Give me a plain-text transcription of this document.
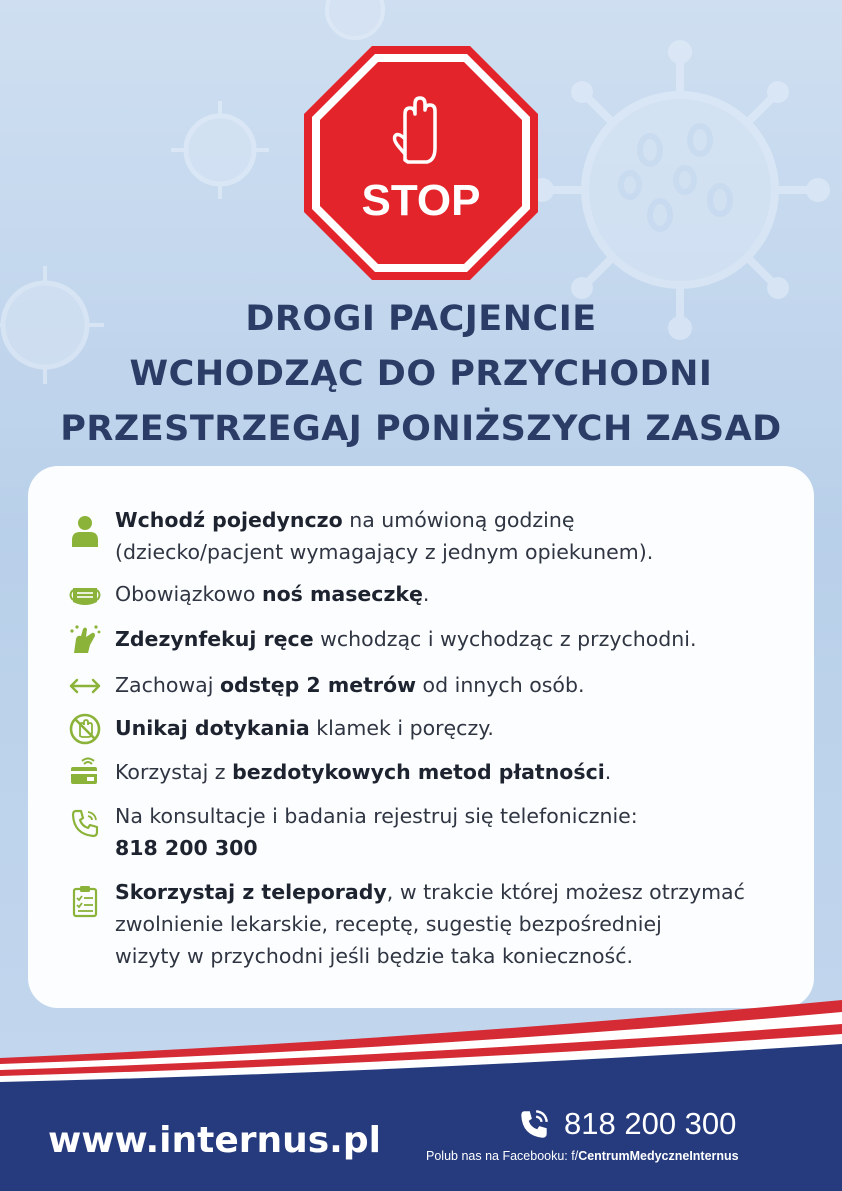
STOP
DROGI PACJENCIE
WCHODZĄC DO PRZYCHODNI
PRZESTRZEGAJ PONIŻSZYCH ZASAD
Wchodź pojedynczo na umówioną godzinę
(dziecko/pacjent wymagający z jednym opiekunem).
Obowiązkowo noś maseczkę.
Zdezynfekuj ręce wchodząc i wychodząc z przychodni.
Zachowaj odstęp 2 metrów od innych osób.
Unikaj dotykania klamek i poręczy.
Korzystaj z bezdotykowych metod płatności.
Na konsultacje i badania rejestruj się telefonicznie:
818 200 300
Skorzystaj z teleporady, w trakcie której możesz otrzymać
zwolnienie lekarskie, receptę, sugestię bezpośredniej
wizyty w przychodni jeśli będzie taka konieczność.
www.internus.pl	818 200 300
Polub nas na Facebooku: f/CentrumMedyczneInternus
